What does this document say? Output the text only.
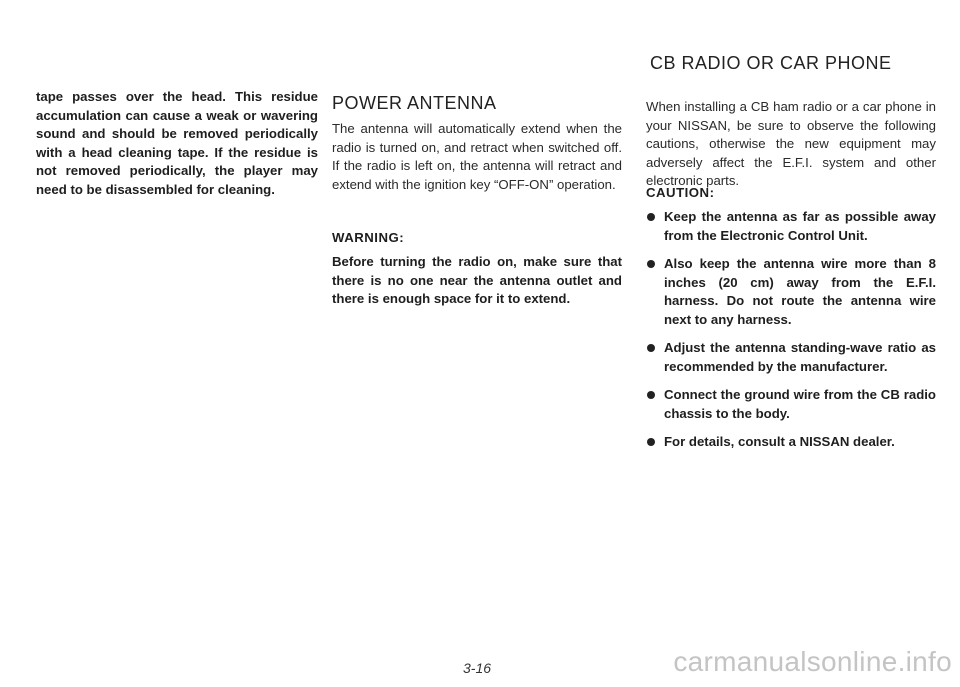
tape passes over the head. This residue accumulation can cause a weak or wavering sound and should be removed periodically with a head cleaning tape. If the residue is not removed periodically, the player may need to be disassembled for cleaning.

POWER ANTENNA

The antenna will automatically extend when the radio is turned on, and retract when switched off. If the radio is left on, the antenna will retract and extend with the ignition key “OFF-ON” operation.

WARNING:

Before turning the radio on, make sure that there is no one near the antenna outlet and there is enough space for it to extend.

CB RADIO OR CAR PHONE

When installing a CB ham radio or a car phone in your NISSAN, be sure to observe the following cautions, otherwise the new equipment may adversely affect the E.F.I. system and other electronic parts.

CAUTION:

Keep the antenna as far as possible away from the Electronic Control Unit.
Also keep the antenna wire more than 8 inches (20 cm) away from the E.F.I. harness. Do not route the antenna wire next to any harness.
Adjust the antenna standing-wave ratio as recommended by the manufacturer.
Connect the ground wire from the CB radio chassis to the body.
For details, consult a NISSAN dealer.
3-16	carmanualsonline.info
